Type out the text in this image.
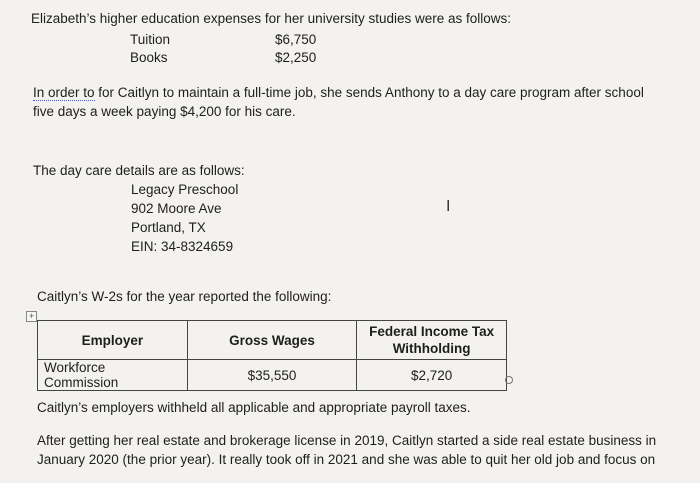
Elizabeth’s higher education expenses for her university studies were as follows:
Tuition	$6,750
Books	$2,250
In order to for Caitlyn to maintain a full-time job, she sends Anthony to a day care program after school
five days a week paying $4,200 for his care.
The day care details are as follows:
Legacy Preschool
902 Moore Ave
Portland, TX
EIN: 34-8324659
I
Caitlyn’s W-2s for the year reported the following:
+
Employer	Gross Wages	Federal Income Tax Withholding
Workforce Commission	$35,550	$2,720
Caitlyn’s employers withheld all applicable and appropriate payroll taxes.
After getting her real estate and brokerage license in 2019, Caitlyn started a side real estate business in
January 2020 (the prior year). It really took off in 2021 and she was able to quit her old job and focus on
